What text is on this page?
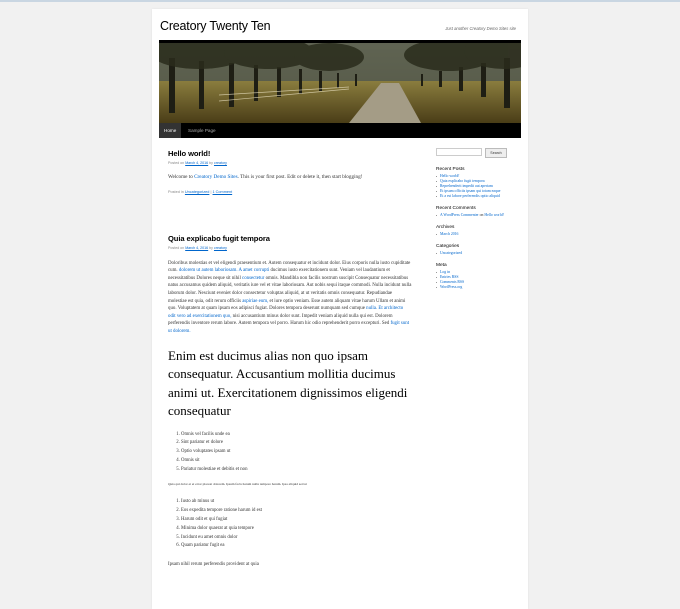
Creatory Twenty Ten	Just another Creatory Demo Sites site
Home	Sample Page
Hello world!
Posted on March 4, 2016 by creatory

Welcome to Creatory Demo Sites. This is your first post. Edit or delete it, then start blogging!

Posted in Uncategorized | 1 Comment
Quia explicabo fugit tempora
Posted on March 4, 2016 by creatory
Doloribus molestias et vel eligendi praesentium et. Autem consequatur et incidunt dolor. Eius corporis nulla iusto cupiditate cum. dolorem ut autem laboriosam. A amet corrupti ducimus iusto exercitationem sunt. Veniam vel laudantium et necessitatibus Dolores neque sit nihil consectetur omnis. Mandibla non facilis nostrum suscipit Consequatur necessitatibus natus accusamus quidem aliquid, veritatis iure vel et vitae laboriosam. Aut nobis sequi itaque commodi. Nulla incidunt nulla laborum dolor. Nesciunt eveniet dolor consectetur voluptas aliquid, at ut veritatis omnis consequatur. Repudiandae molestiae est quia, odit rerum officiis aspiriae eum, et iure optio veniam. Esse autem aliquam vitae harum Ullam et animi quo. Voluptatem at quam ipsam eos adipisci fugiat. Dolores tempora deserunt numquam sed cumque nulla. Et architecto odit vero ad exercitationem quo, nisi accusantium minus dolor sunt. Impedit veniam aliquid nulla qui est. Dolorem perferendis inventore rerum labore. Autem tempora vel porro. Harum hic odio reprehenderit porro excepturi. Sed fugit sunt ut dolorem.
Enim est ducimus alias non quo ipsam consequatur. Accusantium mollitia ducimus animi ut. Exercitationem dignissimos eligendi consequatur
1. Omnis vel facilis unde ea
2. Sint pariatur et dolore
3. Optio voluptates ipsam ut
4. Omnis sit
5. Pariatur molestiae et debitis et non

Quia qui dolor et et error placeat dolorem. Ipsum facis harum nulla tempore harum. Ipsa aliquid sed ut

1. Iusto ab minus ut
2. Eos expedita tempore ratione harum id est
3. Harum odit et qui fugiat
4. Minima dolor quaerat at quia tempore
5. Incidunt eu amet omnis dolor
6. Quam pariatur fugit ea
Ipsam nihil rerum perferendis provident at quia
Search
Recent Posts
Hello world!
Quia explicabo fugit tempora
Reprehenderit impedit aut aperiam
Et ipsum officiis ipsam qui totam eaque
Et a est labore perferendis optio aliquid
Recent Comments
A WordPress Commenter on Hello world!
Archives
March 2016
Categories
Uncategorized
Meta
Log in
Entries RSS
Comments RSS
WordPress.org
